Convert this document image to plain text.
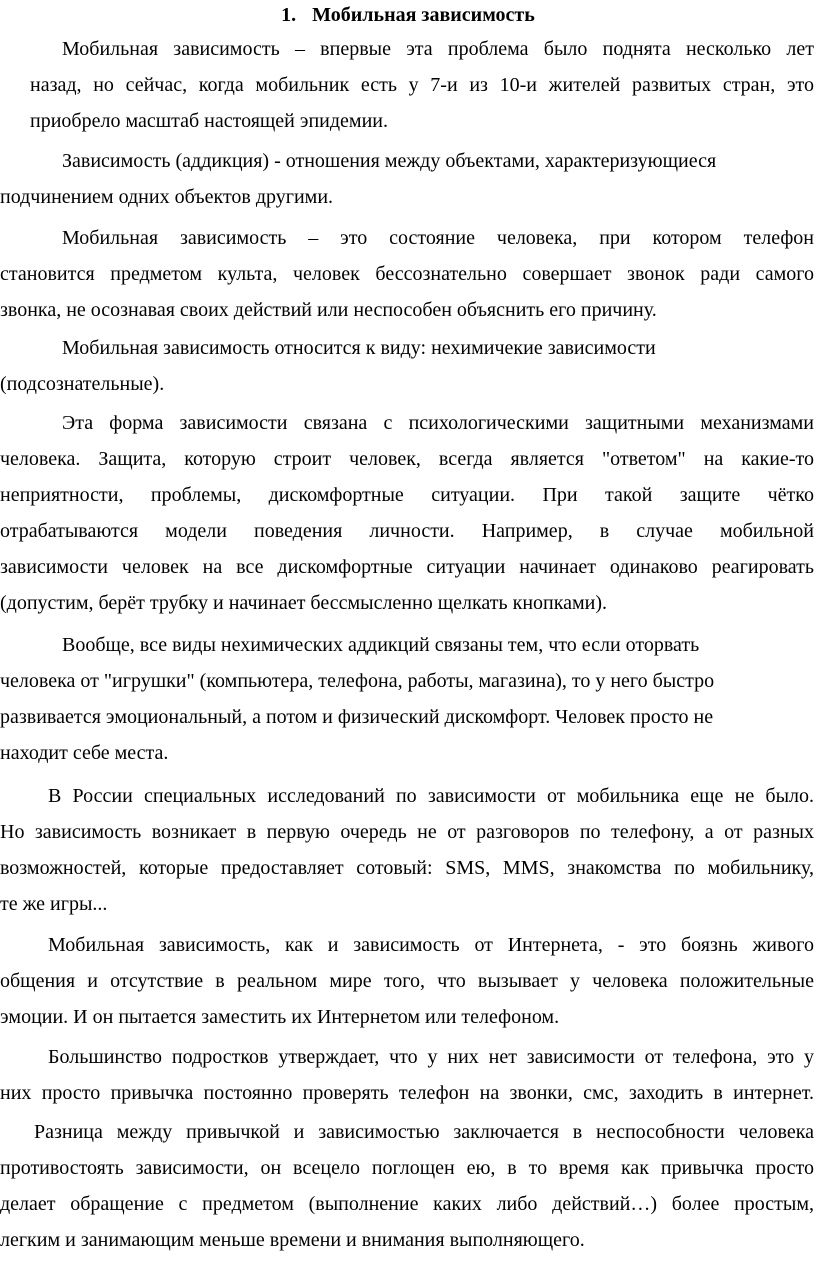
1. Мобильная зависимость
Мобильная зависимость – впервые эта проблема было поднята несколько лет
назад, но сейчас, когда мобильник есть у 7-и из 10-и жителей развитых стран, это
приобрело масштаб настоящей эпидемии.
Зависимость (аддикция) - отношения между объектами, характеризующиеся
подчинением одних объектов другими.
Мобильная зависимость – это состояние человека, при котором телефон
становится предметом культа, человек бессознательно совершает звонок ради самого
звонка, не осознавая своих действий или неспособен объяснить его причину.
Мобильная зависимость относится к виду: нехимичекие зависимости
(подсознательные).
Эта форма зависимости связана с психологическими защитными механизмами
человека. Защита, которую строит человек, всегда является "ответом" на какие-то
неприятности, проблемы, дискомфортные ситуации. При такой защите чётко
отрабатываются модели поведения личности. Например, в случае мобильной
зависимости человек на все дискомфортные ситуации начинает одинаково реагировать
(допустим, берёт трубку и начинает бессмысленно щелкать кнопками).
Вообще, все виды нехимических аддикций связаны тем, что если оторвать
человека от "игрушки" (компьютера, телефона, работы, магазина), то у него быстро
развивается эмоциональный, а потом и физический дискомфорт. Человек просто не
находит себе места.
В России специальных исследований по зависимости от мобильника еще не было.
Но зависимость возникает в первую очередь не от разговоров по телефону, а от разных
возможностей, которые предоставляет сотовый: SMS, MMS, знакомства по мобильнику,
те же игры...
Мобильная зависимость, как и зависимость от Интернета, - это боязнь живого
общения и отсутствие в реальном мире того, что вызывает у человека положительные
эмоции. И он пытается заместить их Интернетом или телефоном.
Большинство подростков утверждает, что у них нет зависимости от телефона, это у
них просто привычка постоянно проверять телефон на звонки, смс, заходить в интернет.
Разница между привычкой и зависимостью заключается в неспособности человека
противостоять зависимости, он всецело поглощен ею, в то время как привычка просто
делает обращение с предметом (выполнение каких либо действий…) более простым,
легким и занимающим меньше времени и внимания выполняющего.
